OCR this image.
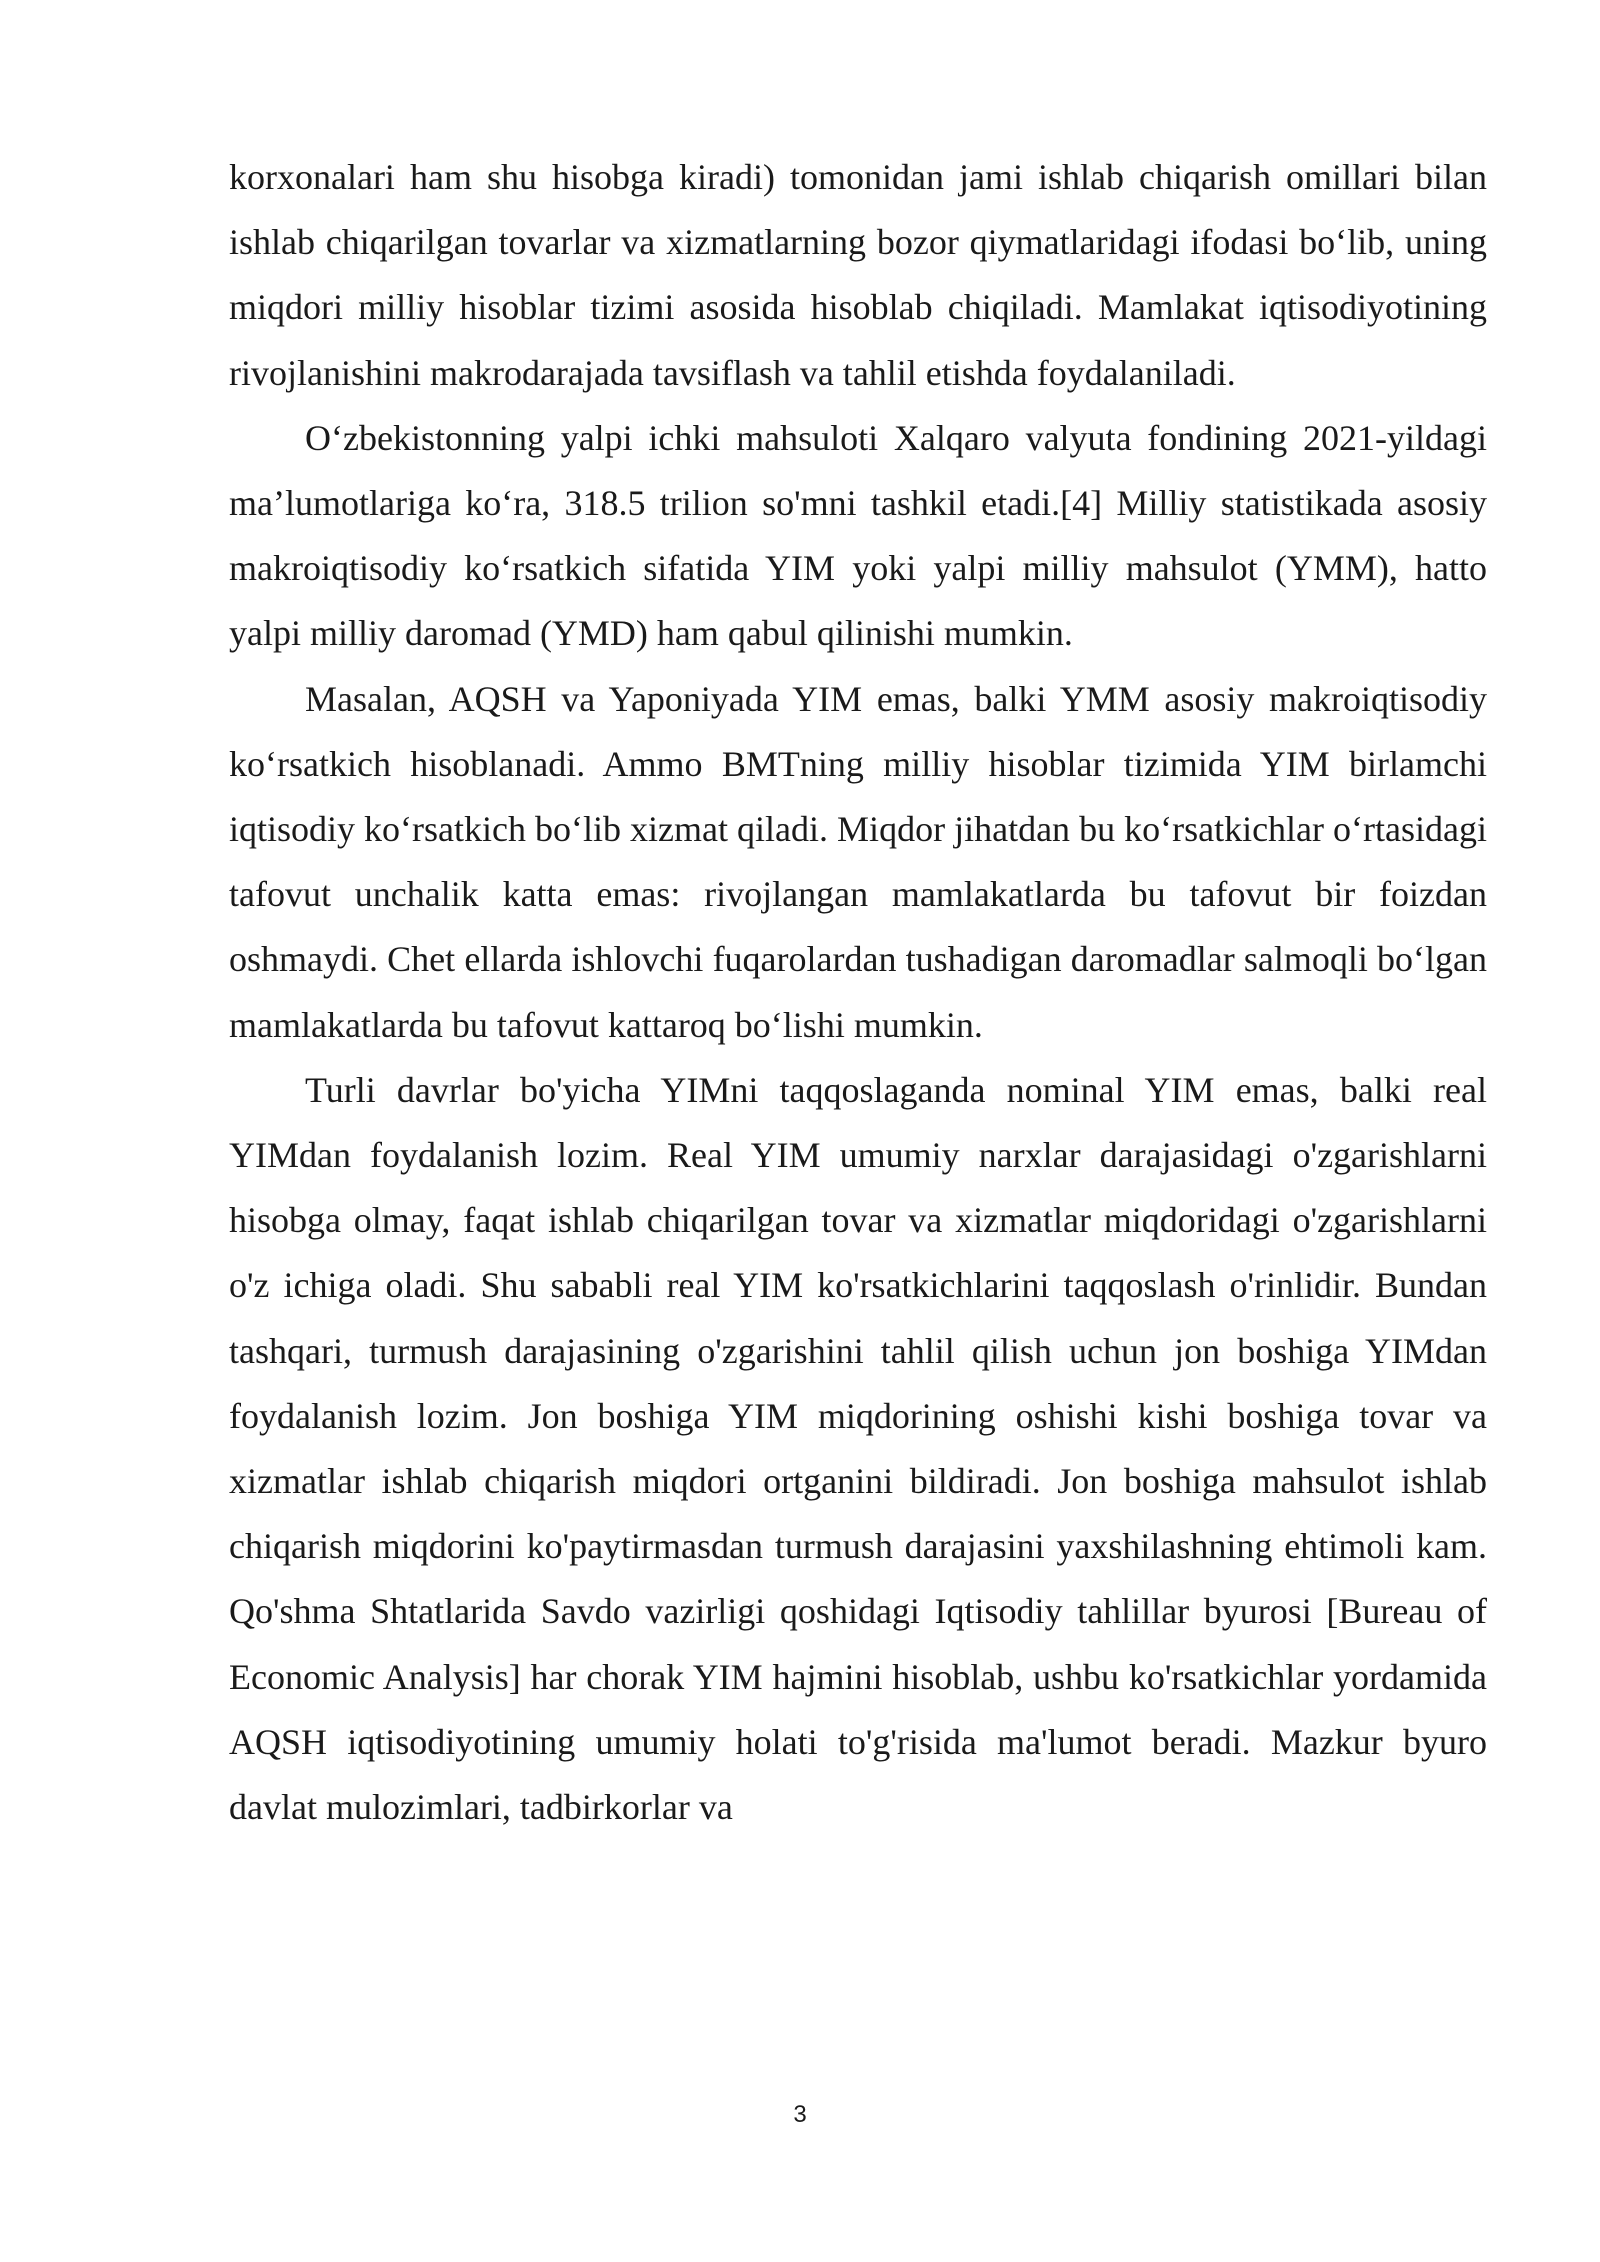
korxonalari ham shu hisobga kiradi) tomonidan jami ishlab chiqarish omillari bilan ishlab chiqarilgan tovarlar va xizmatlarning bozor qiymatlaridagi ifodasi bo‘lib, uning miqdori milliy hisoblar tizimi asosida hisoblab chiqiladi. Mamlakat iqtisodiyotining rivojlanishini makrodarajada tavsiflash va tahlil etishda foydalaniladi.

O‘zbekistonning yalpi ichki mahsuloti Xalqaro valyuta fondining 2021-yildagi ma’lumotlariga ko‘ra, 318.5 trilion so'mni tashkil etadi.[4] Milliy statistikada asosiy makroiqtisodiy ko‘rsatkich sifatida YIM yoki yalpi milliy mahsulot (YMM), hatto yalpi milliy daromad (YMD) ham qabul qilinishi mumkin.

Masalan, AQSH va Yaponiyada YIM emas, balki YMM asosiy makroiqtisodiy ko‘rsatkich hisoblanadi. Ammo BMTning milliy hisoblar tizimida YIM birlamchi iqtisodiy ko‘rsatkich bo‘lib xizmat qiladi. Miqdor jihatdan bu ko‘rsatkichlar o‘rtasidagi tafovut unchalik katta emas: rivojlangan mamlakatlarda bu tafovut bir foizdan oshmaydi. Chet ellarda ishlovchi fuqarolardan tushadigan daromadlar salmoqli bo‘lgan mamlakatlarda bu tafovut kattaroq bo‘lishi mumkin.

Turli davrlar bo'yicha YIMni taqqoslaganda nominal YIM emas, balki real YIMdan foydalanish lozim. Real YIM umumiy narxlar darajasidagi o'zgarishlarni hisobga olmay, faqat ishlab chiqarilgan tovar va xizmatlar miqdoridagi o'zgarishlarni o'z ichiga oladi. Shu sababli real YIM ko'rsatkichlarini taqqoslash o'rinlidir. Bundan tashqari, turmush darajasining o'zgarishini tahlil qilish uchun jon boshiga YIMdan foydalanish lozim. Jon boshiga YIM miqdorining oshishi kishi boshiga tovar va xizmatlar ishlab chiqarish miqdori ortganini bildiradi. Jon boshiga mahsulot ishlab chiqarish miqdorini ko'paytirmasdan turmush darajasini yaxshilashning ehtimoli kam. Qo'shma Shtatlarida Savdo vazirligi qoshidagi Iqtisodiy tahlillar byurosi [Bureau of Economic Analysis] har chorak YIM hajmini hisoblab, ushbu ko'rsatkichlar yordamida AQSH iqtisodiyotining umumiy holati to'g'risida ma'lumot beradi. Mazkur byuro davlat mulozimlari, tadbirkorlar va

3
